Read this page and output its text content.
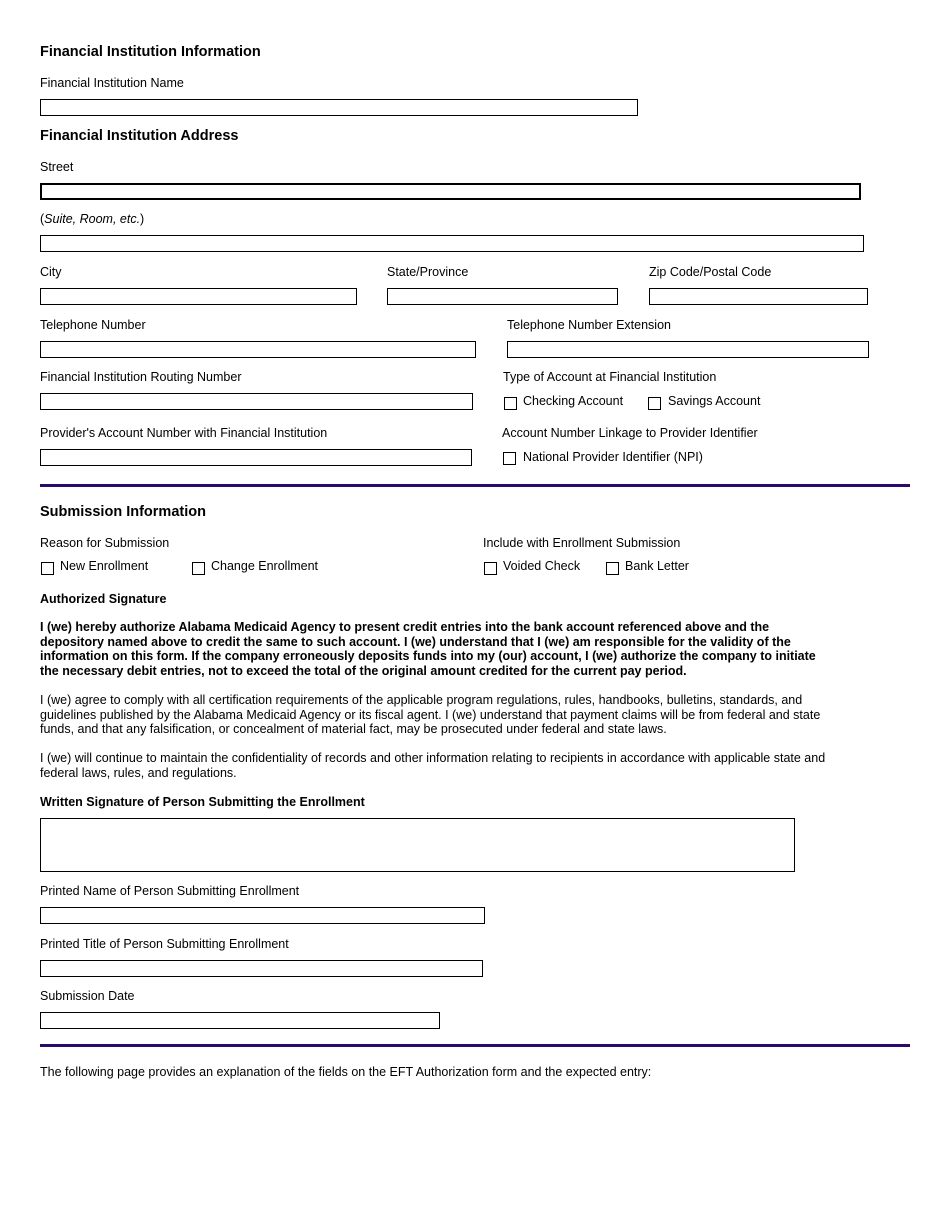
Financial Institution Information
Financial Institution Name
Financial Institution Address
Street
(Suite, Room, etc.)
City	State/Province	Zip Code/Postal Code
Telephone Number	Telephone Number Extension
Financial Institution Routing Number	Type of Account at Financial Institution
Checking Account	Savings Account
Provider's Account Number with Financial Institution	Account Number Linkage to Provider Identifier
National Provider Identifier (NPI)
Submission Information
Reason for Submission	Include with Enrollment Submission
New Enrollment	Change Enrollment	Voided Check	Bank Letter
Authorized Signature
I (we) hereby authorize Alabama Medicaid Agency to present credit entries into the bank account referenced above and the depository named above to credit the same to such account. I (we) understand that I (we) am responsible for the validity of the information on this form. If the company erroneously deposits funds into my (our) account, I (we) authorize the company to initiate the necessary debit entries, not to exceed the total of the original amount credited for the current pay period.
I (we) agree to comply with all certification requirements of the applicable program regulations, rules, handbooks, bulletins, standards, and guidelines published by the Alabama Medicaid Agency or its fiscal agent. I (we) understand that payment claims will be from federal and state funds, and that any falsification, or concealment of material fact, may be prosecuted under federal and state laws.
I (we) will continue to maintain the confidentiality of records and other information relating to recipients in accordance with applicable state and federal laws, rules, and regulations.
Written Signature of Person Submitting the Enrollment
Printed Name of Person Submitting Enrollment
Printed Title of Person Submitting Enrollment
Submission Date
The following page provides an explanation of the fields on the EFT Authorization form and the expected entry:
